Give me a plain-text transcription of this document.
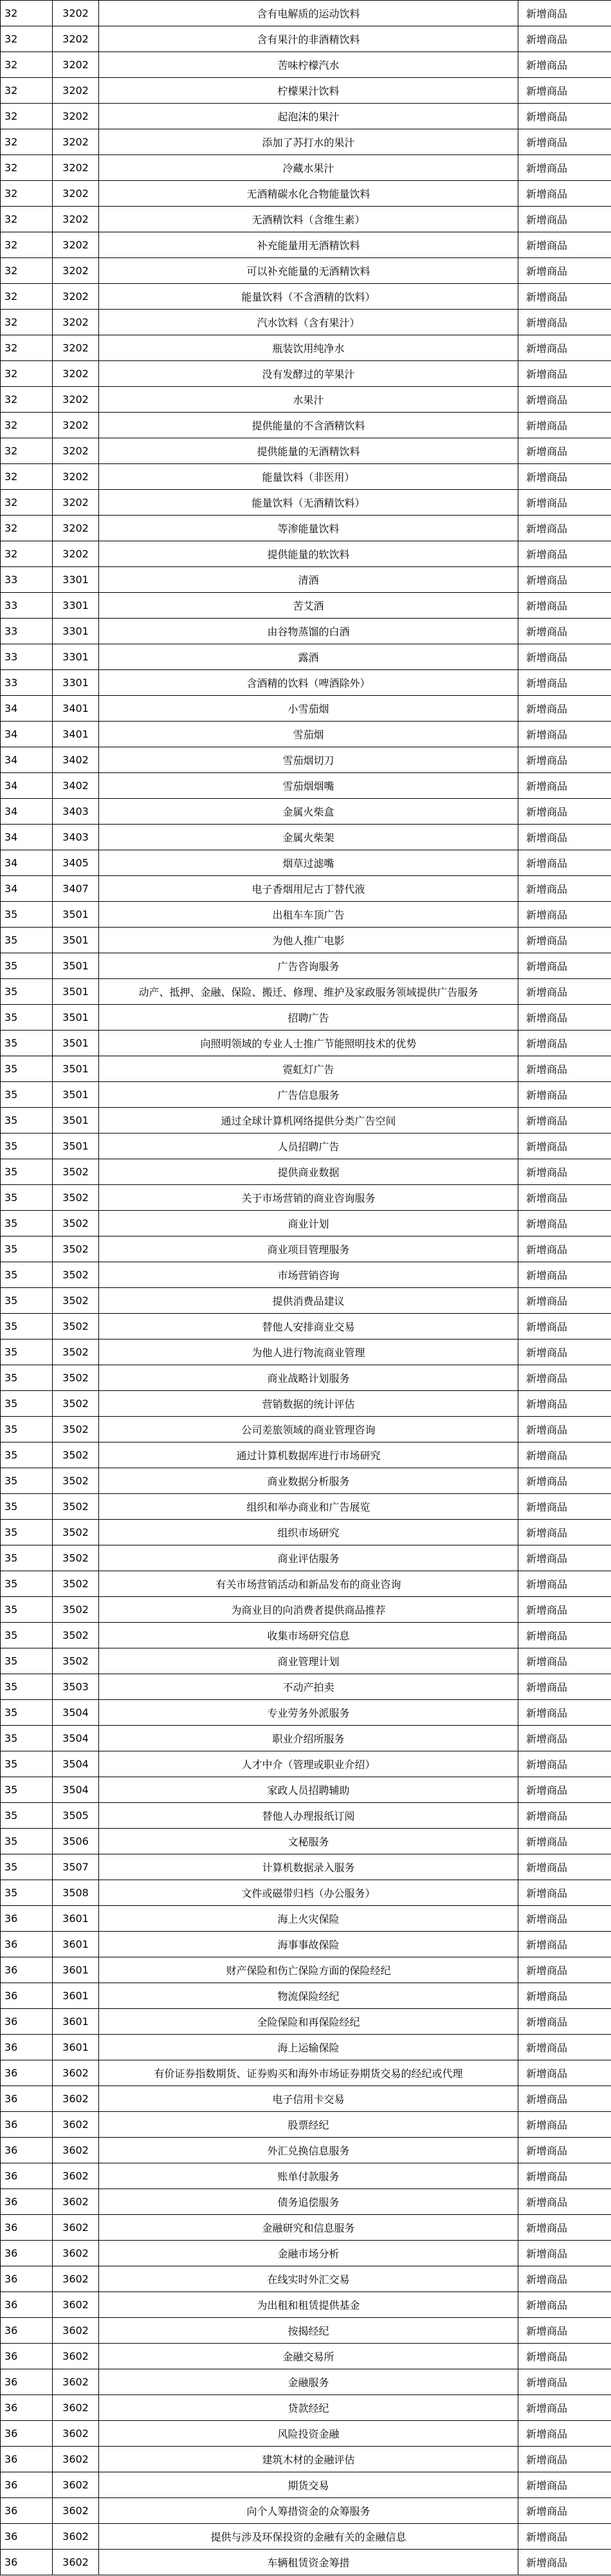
32	3202	含有电解质的运动饮料	新增商品
32	3202	含有果汁的非酒精饮料	新增商品
32	3202	苦味柠檬汽水	新增商品
32	3202	柠檬果汁饮料	新增商品
32	3202	起泡沫的果汁	新增商品
32	3202	添加了苏打水的果汁	新增商品
32	3202	冷藏水果汁	新增商品
32	3202	无酒精碳水化合物能量饮料	新增商品
32	3202	无酒精饮料（含维生素）	新增商品
32	3202	补充能量用无酒精饮料	新增商品
32	3202	可以补充能量的无酒精饮料	新增商品
32	3202	能量饮料（不含酒精的饮料）	新增商品
32	3202	汽水饮料（含有果汁）	新增商品
32	3202	瓶装饮用纯净水	新增商品
32	3202	没有发酵过的苹果汁	新增商品
32	3202	水果汁	新增商品
32	3202	提供能量的不含酒精饮料	新增商品
32	3202	提供能量的无酒精饮料	新增商品
32	3202	能量饮料（非医用）	新增商品
32	3202	能量饮料（无酒精饮料）	新增商品
32	3202	等渗能量饮料	新增商品
32	3202	提供能量的软饮料	新增商品
33	3301	清酒	新增商品
33	3301	苦艾酒	新增商品
33	3301	由谷物蒸馏的白酒	新增商品
33	3301	露酒	新增商品
33	3301	含酒精的饮料（啤酒除外）	新增商品
34	3401	小雪茄烟	新增商品
34	3401	雪茄烟	新增商品
34	3402	雪茄烟切刀	新增商品
34	3402	雪茄烟烟嘴	新增商品
34	3403	金属火柴盒	新增商品
34	3403	金属火柴架	新增商品
34	3405	烟草过滤嘴	新增商品
34	3407	电子香烟用尼古丁替代液	新增商品
35	3501	出租车车顶广告	新增商品
35	3501	为他人推广电影	新增商品
35	3501	广告咨询服务	新增商品
35	3501	动产、抵押、金融、保险、搬迁、修理、维护及家政服务领域提供广告服务	新增商品
35	3501	招聘广告	新增商品
35	3501	向照明领域的专业人士推广节能照明技术的优势	新增商品
35	3501	霓虹灯广告	新增商品
35	3501	广告信息服务	新增商品
35	3501	通过全球计算机网络提供分类广告空间	新增商品
35	3501	人员招聘广告	新增商品
35	3502	提供商业数据	新增商品
35	3502	关于市场营销的商业咨询服务	新增商品
35	3502	商业计划	新增商品
35	3502	商业项目管理服务	新增商品
35	3502	市场营销咨询	新增商品
35	3502	提供消费品建议	新增商品
35	3502	替他人安排商业交易	新增商品
35	3502	为他人进行物流商业管理	新增商品
35	3502	商业战略计划服务	新增商品
35	3502	营销数据的统计评估	新增商品
35	3502	公司差旅领域的商业管理咨询	新增商品
35	3502	通过计算机数据库进行市场研究	新增商品
35	3502	商业数据分析服务	新增商品
35	3502	组织和举办商业和广告展览	新增商品
35	3502	组织市场研究	新增商品
35	3502	商业评估服务	新增商品
35	3502	有关市场营销活动和新品发布的商业咨询	新增商品
35	3502	为商业目的向消费者提供商品推荐	新增商品
35	3502	收集市场研究信息	新增商品
35	3502	商业管理计划	新增商品
35	3503	不动产拍卖	新增商品
35	3504	专业劳务外派服务	新增商品
35	3504	职业介绍所服务	新增商品
35	3504	人才中介（管理或职业介绍）	新增商品
35	3504	家政人员招聘辅助	新增商品
35	3505	替他人办理报纸订阅	新增商品
35	3506	文秘服务	新增商品
35	3507	计算机数据录入服务	新增商品
35	3508	文件或磁带归档（办公服务）	新增商品
36	3601	海上火灾保险	新增商品
36	3601	海事事故保险	新增商品
36	3601	财产保险和伤亡保险方面的保险经纪	新增商品
36	3601	物流保险经纪	新增商品
36	3601	全险保险和再保险经纪	新增商品
36	3601	海上运输保险	新增商品
36	3602	有价证券指数期货、证券购买和海外市场证券期货交易的经纪或代理	新增商品
36	3602	电子信用卡交易	新增商品
36	3602	股票经纪	新增商品
36	3602	外汇兑换信息服务	新增商品
36	3602	账单付款服务	新增商品
36	3602	债务追偿服务	新增商品
36	3602	金融研究和信息服务	新增商品
36	3602	金融市场分析	新增商品
36	3602	在线实时外汇交易	新增商品
36	3602	为出租和租赁提供基金	新增商品
36	3602	按揭经纪	新增商品
36	3602	金融交易所	新增商品
36	3602	金融服务	新增商品
36	3602	贷款经纪	新增商品
36	3602	风险投资金融	新增商品
36	3602	建筑木材的金融评估	新增商品
36	3602	期货交易	新增商品
36	3602	向个人筹措资金的众筹服务	新增商品
36	3602	提供与涉及环保投资的金融有关的金融信息	新增商品
36	3602	车辆租赁资金筹措	新增商品
